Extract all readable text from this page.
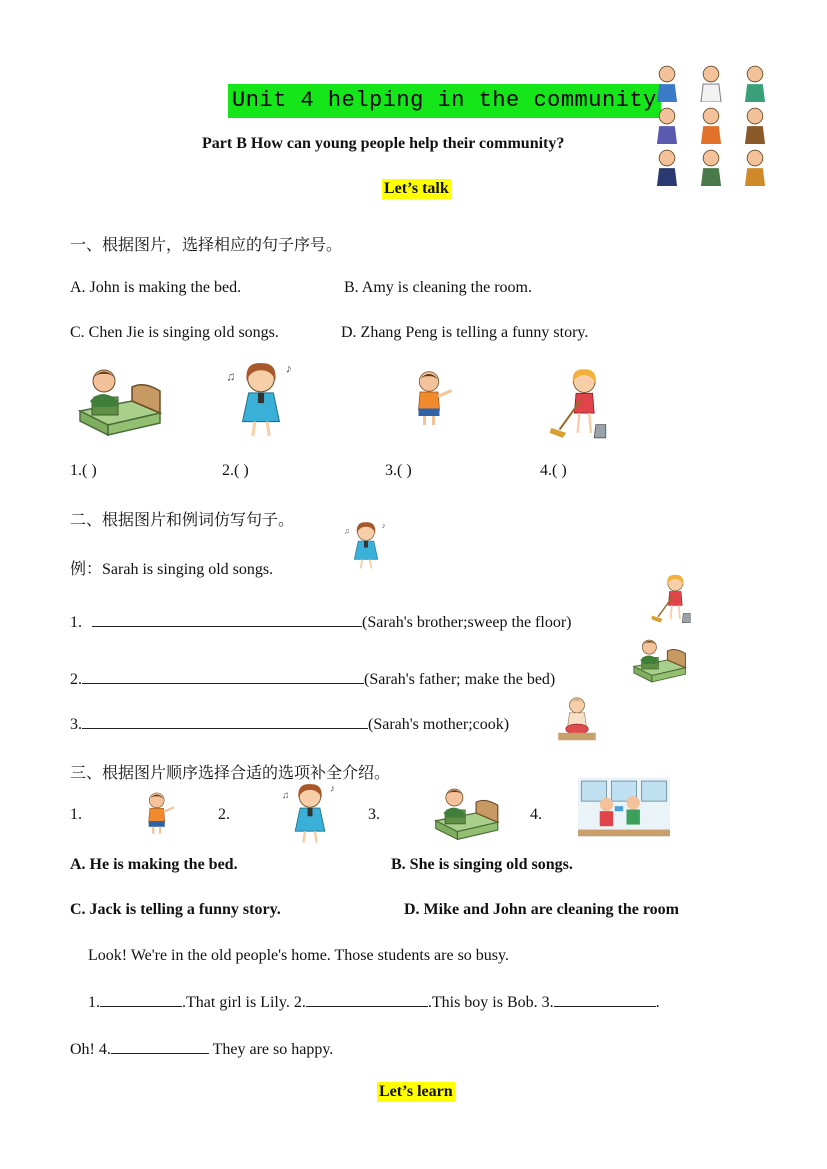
Unit 4 helping in the community
Part B How can young people help their community?
Let’s talk
一、根据图片，选择相应的句子序号。
A. John is making the bed.	B. Amy is cleaning the room.
C. Chen Jie is singing old songs.	D. Zhang Peng is telling a funny story.
1.( )	2.( )	3.( )	4.( )
二、根据图片和例词仿写句子。
例：Sarah is singing old songs.
1.	(Sarah's brother;sweep the floor)
2.	(Sarah's father; make the bed)
3.	(Sarah's mother;cook)
三、根据图片顺序选择合适的选项补全介绍。
1.	2.	3.	4.
A. He is making the bed.	B. She is singing old songs.
C. Jack is telling a funny story.	D. Mike and John are cleaning the room
Look! We're in the old people's home. Those students are so busy.
1.	.That girl is Lily. 2.	.This boy is Bob. 3.	.
Oh! 4.	They are so happy.
Let’s learn
